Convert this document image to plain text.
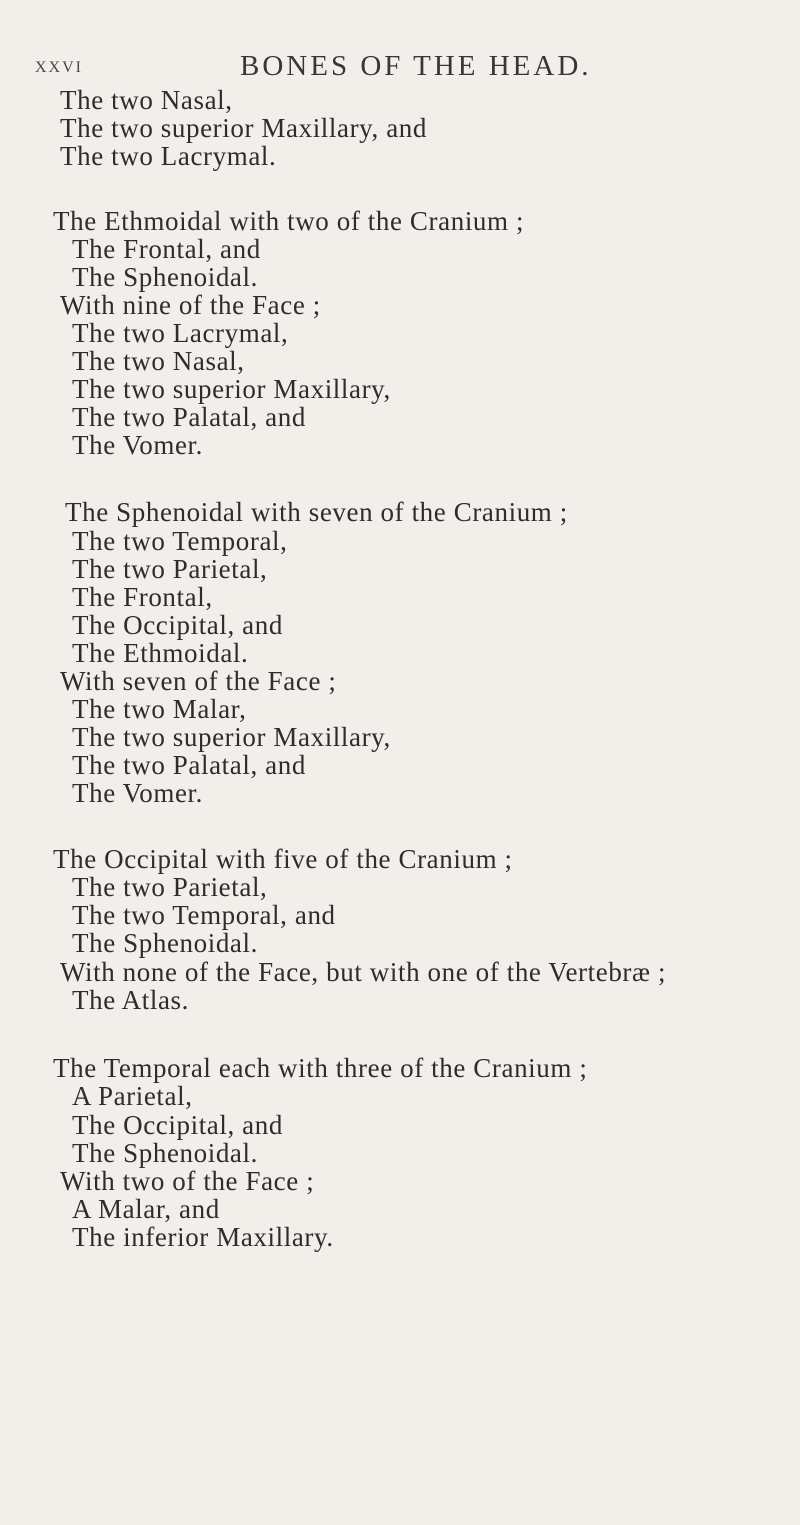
xxvi	BONES OF THE HEAD.
The two Nasal,
The two superior Maxillary, and
The two Lacrymal.
The Ethmoidal with two of the Cranium ;
The Frontal, and
The Sphenoidal.
With nine of the Face ;
The two Lacrymal,
The two Nasal,
The two superior Maxillary,
The two Palatal, and
The Vomer.
The Sphenoidal with seven of the Cranium ;
The two Temporal,
The two Parietal,
The Frontal,
The Occipital, and
The Ethmoidal.
With seven of the Face ;
The two Malar,
The two superior Maxillary,
The two Palatal, and
The Vomer.
The Occipital with five of the Cranium ;
The two Parietal,
The two Temporal, and
The Sphenoidal.
With none of the Face, but with one of the Vertebræ ;
The Atlas.
The Temporal each with three of the Cranium ;
A Parietal,
The Occipital, and
The Sphenoidal.
With two of the Face ;
A Malar, and
The inferior Maxillary.
